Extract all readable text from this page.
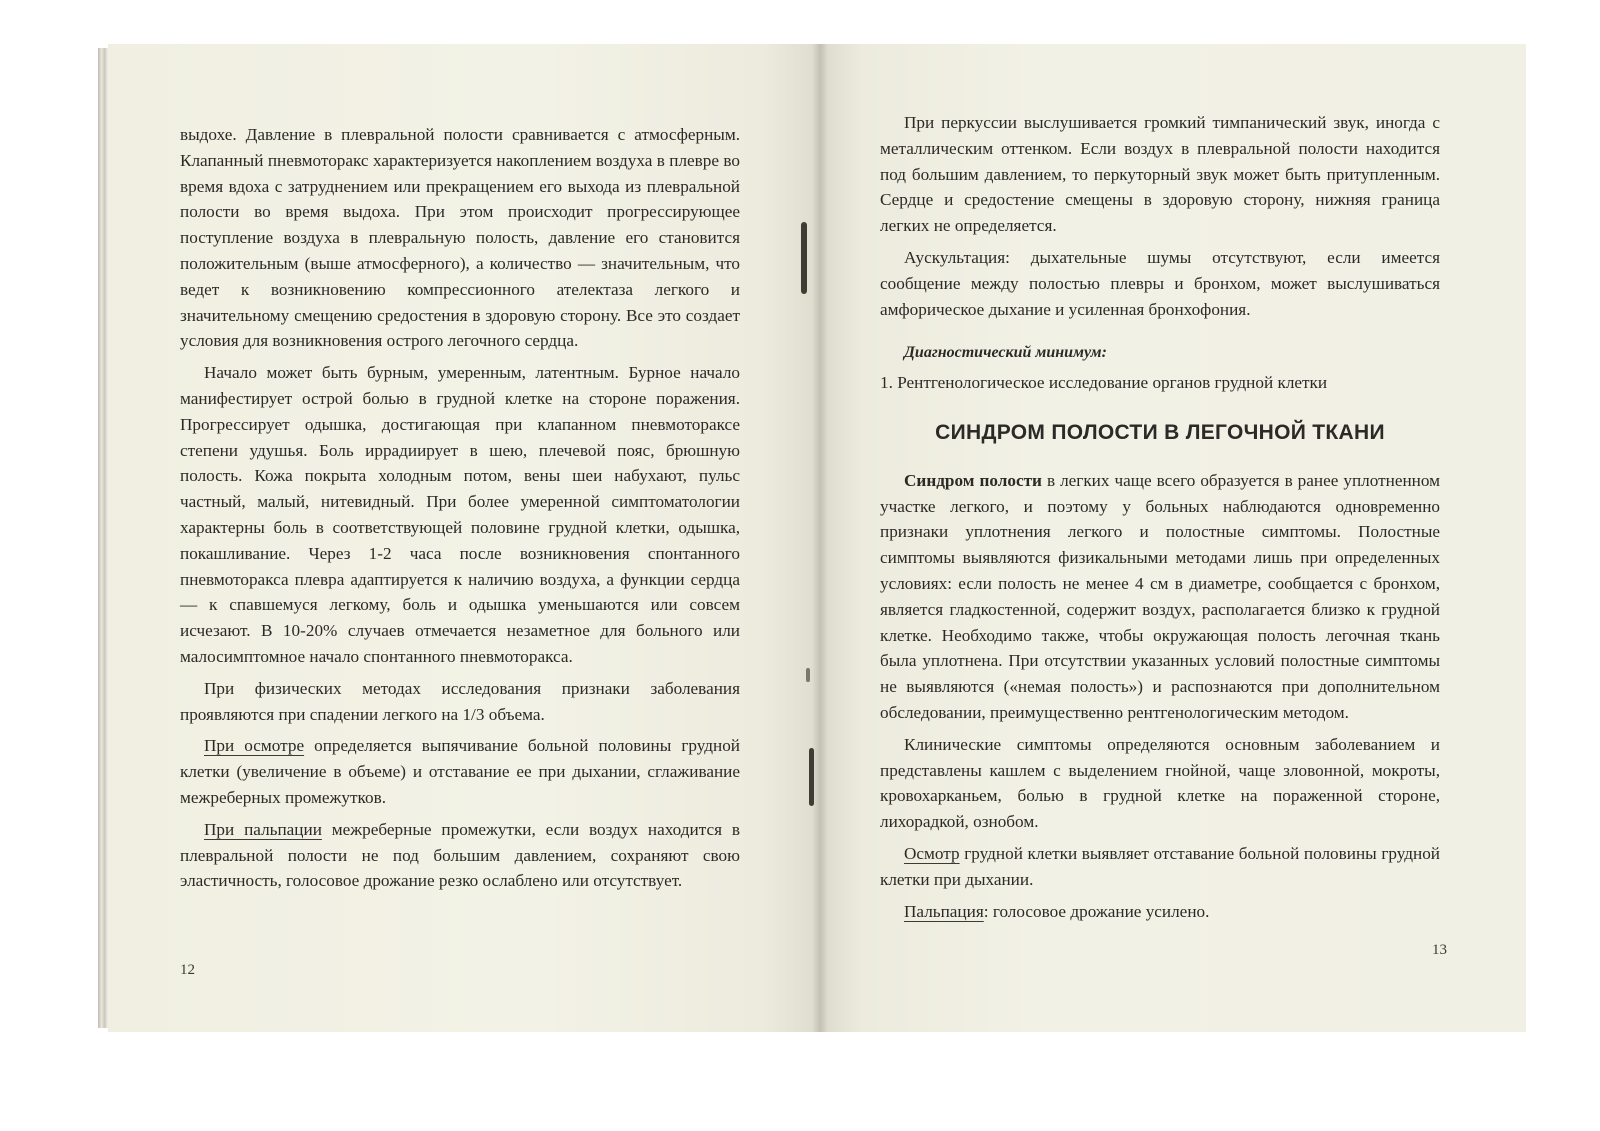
выдохе. Давление в плевральной полости сравнивается с атмосферным. Клапанный пневмоторакс характеризуется накоплением воздуха в плевре во время вдоха с затруднением или прекращением его выхода из плевральной полости во время выдоха. При этом происходит прогрессирующее поступление воздуха в плевральную полость, давление его становится положительным (выше атмосферного), а количество — значительным, что ведет к возникновению компрессионного ателектаза легкого и значительному смещению средостения в здоровую сторону. Все это создает условия для возникновения острого легочного сердца.

Начало может быть бурным, умеренным, латентным. Бурное начало манифестирует острой болью в грудной клетке на стороне поражения. Прогрессирует одышка, достигающая при клапанном пневмотораксе степени удушья. Боль иррадиирует в шею, плечевой пояс, брюшную полость. Кожа покрыта холодным потом, вены шеи набухают, пульс частный, малый, нитевидный. При более умеренной симптоматологии характерны боль в соответствующей половине грудной клетки, одышка, покашливание. Через 1-2 часа после возникновения спонтанного пневмоторакса плевра адаптируется к наличию воздуха, а функции сердца — к спавшемуся легкому, боль и одышка уменьшаются или совсем исчезают. В 10-20% случаев отмечается незаметное для больного или малосимптомное начало спонтанного пневмоторакса.

При физических методах исследования признаки заболевания проявляются при спадении легкого на 1/3 объема.

При осмотре определяется выпячивание больной половины грудной клетки (увеличение в объеме) и отставание ее при дыхании, сглаживание межреберных промежутков.

При пальпации межреберные промежутки, если воздух находится в плевральной полости не под большим давлением, сохраняют свою эластичность, голосовое дрожание резко ослаблено или отсутствует.

12

При перкуссии выслушивается громкий тимпанический звук, иногда с металлическим оттенком. Если воздух в плевральной полости находится под большим давлением, то перкуторный звук может быть притупленным. Сердце и средостение смещены в здоровую сторону, нижняя граница легких не определяется.

Аускультация: дыхательные шумы отсутствуют, если имеется сообщение между полостью плевры и бронхом, может выслушиваться амфорическое дыхание и усиленная бронхофония.

Диагностический минимум:

1. Рентгенологическое исследование органов грудной клетки

СИНДРОМ ПОЛОСТИ В ЛЕГОЧНОЙ ТКАНИ

Синдром полости в легких чаще всего образуется в ранее уплотненном участке легкого, и поэтому у больных наблюдаются одновременно признаки уплотнения легкого и полостные симптомы. Полостные симптомы выявляются физикальными методами лишь при определенных условиях: если полость не менее 4 см в диаметре, сообщается с бронхом, является гладкостенной, содержит воздух, располагается близко к грудной клетке. Необходимо также, чтобы окружающая полость легочная ткань была уплотнена. При отсутствии указанных условий полостные симптомы не выявляются («немая полость») и распознаются при дополнительном обследовании, преимущественно рентгенологическим методом.

Клинические симптомы определяются основным заболеванием и представлены кашлем с выделением гнойной, чаще зловонной, мокроты, кровохарканьем, болью в грудной клетке на пораженной стороне, лихорадкой, ознобом.

Осмотр грудной клетки выявляет отставание больной половины грудной клетки при дыхании.

Пальпация: голосовое дрожание усилено.

13
